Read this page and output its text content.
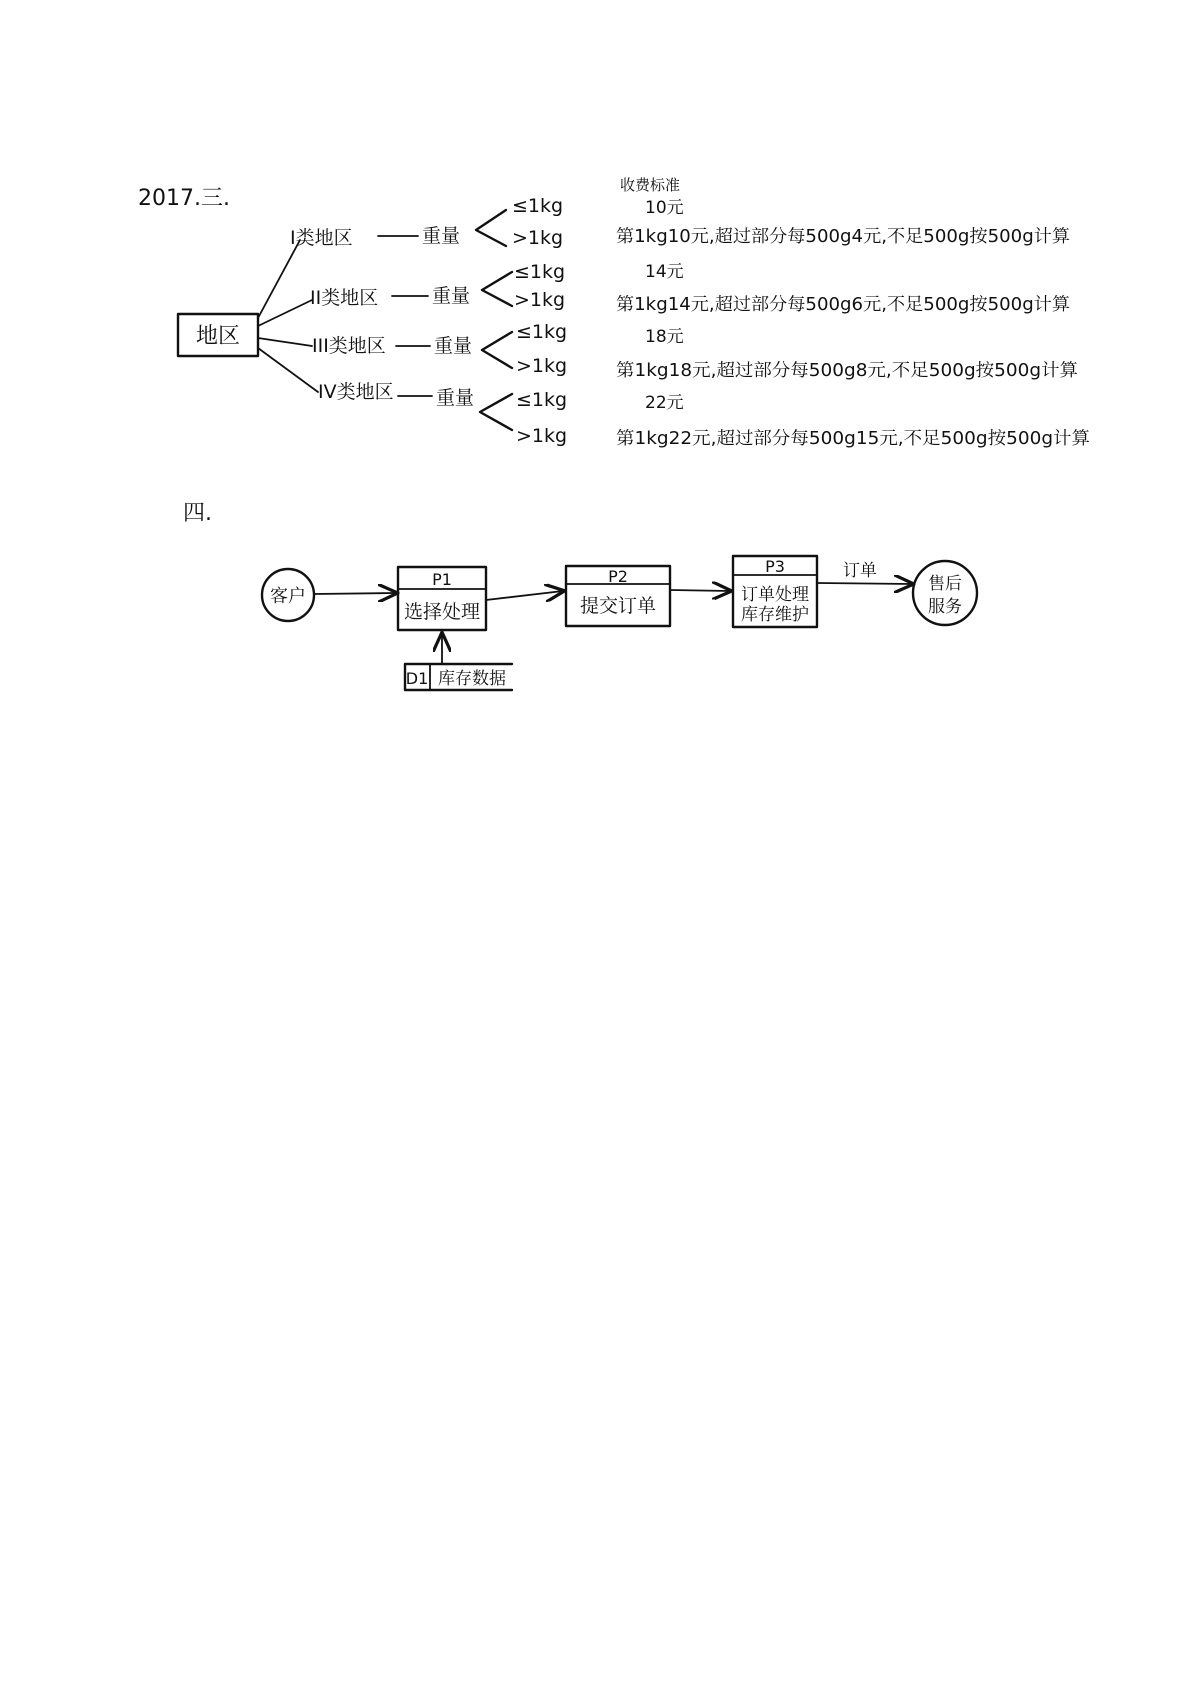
2017.三.
地区
收费标准
I类地区	重量
≤1kg
>1kg
10元
第1kg10元,超过部分每500g4元,不足500g按500g计算
II类地区	重量
≤1kg
>1kg
14元
第1kg14元,超过部分每500g6元,不足500g按500g计算
III类地区	重量
≤1kg
>1kg
18元
第1kg18元,超过部分每500g8元,不足500g按500g计算
IV类地区 重量 ≤1kg
>1kg
22元
第1kg22元,超过部分每500g15元,不足500g按500g计算
四.
客户
P1
选择处理
D1 库存数据
P2
提交订单
P3
订单处理
库存维护
订单
售后
服务
